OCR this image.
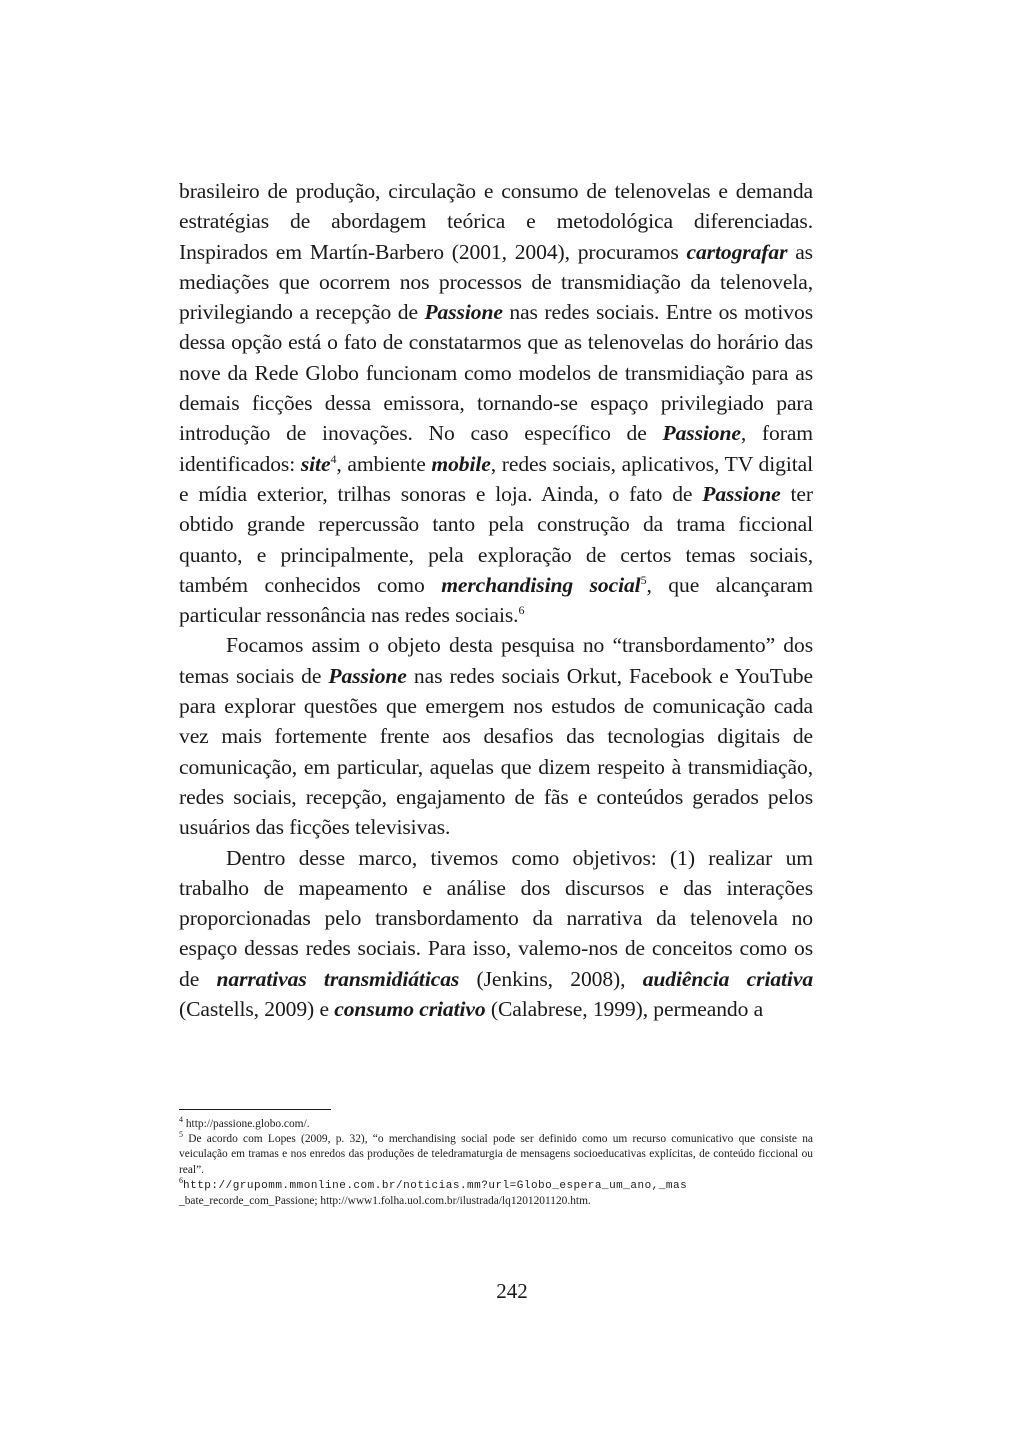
brasileiro de produção, circulação e consumo de telenovelas e demanda estratégias de abordagem teórica e metodológica diferenciadas. Inspirados em Martín-Barbero (2001, 2004), procuramos cartografar as mediações que ocorrem nos processos de transmidiação da telenovela, privilegiando a recepção de Passione nas redes sociais. Entre os motivos dessa opção está o fato de constatarmos que as telenovelas do horário das nove da Rede Globo funcionam como modelos de transmidiação para as demais ficções dessa emissora, tornando-se espaço privilegiado para introdução de inovações. No caso específico de Passione, foram identificados: site$^4$, ambiente mobile, redes sociais, aplicativos, TV digital e mídia exterior, trilhas sonoras e loja. Ainda, o fato de Passione ter obtido grande repercussão tanto pela construção da trama ficcional quanto, e principalmente, pela exploração de certos temas sociais, também conhecidos como merchandising social$^5$, que alcançaram particular ressonância nas redes sociais.$^6$

Focamos assim o objeto desta pesquisa no “transbordamento” dos temas sociais de Passione nas redes sociais Orkut, Facebook e YouTube para explorar questões que emergem nos estudos de comunicação cada vez mais fortemente frente aos desafios das tecnologias digitais de comunicação, em particular, aquelas que dizem respeito à transmidiação, redes sociais, recepção, engajamento de fãs e conteúdos gerados pelos usuários das ficções televisivas.

Dentro desse marco, tivemos como objetivos: (1) realizar um trabalho de mapeamento e análise dos discursos e das interações proporcionadas pelo transbordamento da narrativa da telenovela no espaço dessas redes sociais. Para isso, valemo-nos de conceitos como os de narrativas transmidiáticas (Jenkins, 2008), audiência criativa (Castells, 2009) e consumo criativo (Calabrese, 1999), permeando a

$^4$ http://passione.globo.com/.

$^5$ De acordo com Lopes (2009, p. 32), “o merchandising social pode ser definido como um recurso comunicativo que consiste na veiculação em tramas e nos enredos das produções de teledramaturgia de mensagens socioeducativas explícitas, de conteúdo ficcional ou real”.

$^6$http://grupomm.mmonline.com.br/noticias.mm?url=Globo_espera_um_ano,_mas
_bate_recorde_com_Passione; http://www1.folha.uol.com.br/ilustrada/lq1201201120.htm.

242
